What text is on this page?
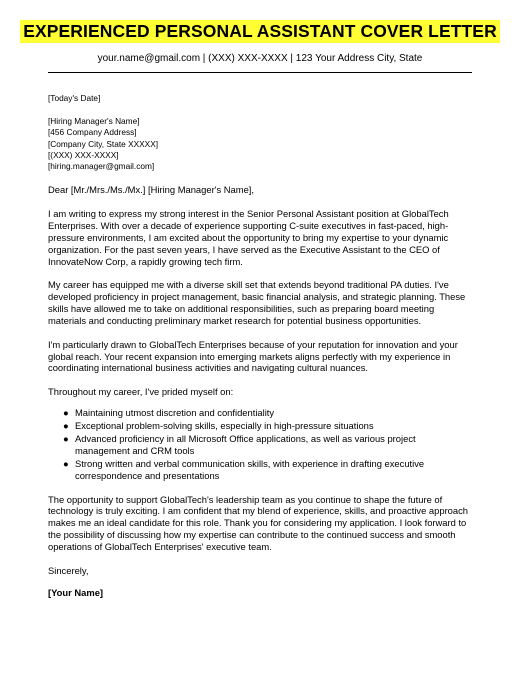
EXPERIENCED PERSONAL ASSISTANT COVER LETTER
your.name@gmail.com | (XXX) XXX-XXXX | 123 Your Address City, State

[Today's Date]

[Hiring Manager's Name]

[456 Company Address]

[Company City, State XXXXX]

[(XXX) XXX-XXXX]

[hiring.manager@gmail.com]

Dear [Mr./Mrs./Ms./Mx.] [Hiring Manager's Name],

I am writing to express my strong interest in the Senior Personal Assistant position at GlobalTech Enterprises. With over a decade of experience supporting C-suite executives in fast-paced, high-pressure environments, I am excited about the opportunity to bring my expertise to your dynamic organization. For the past seven years, I have served as the Executive Assistant to the CEO of InnovateNow Corp, a rapidly growing tech firm.

My career has equipped me with a diverse skill set that extends beyond traditional PA duties. I've developed proficiency in project management, basic financial analysis, and strategic planning. These skills have allowed me to take on additional responsibilities, such as preparing board meeting materials and conducting preliminary market research for potential business opportunities.

I'm particularly drawn to GlobalTech Enterprises because of your reputation for innovation and your global reach. Your recent expansion into emerging markets aligns perfectly with my experience in coordinating international business activities and navigating cultural nuances.

Throughout my career, I've prided myself on:

● Maintaining utmost discretion and confidentiality
● Exceptional problem-solving skills, especially in high-pressure situations
● Advanced proficiency in all Microsoft Office applications, as well as various project management and CRM tools
● Strong written and verbal communication skills, with experience in drafting executive correspondence and presentations

The opportunity to support GlobalTech's leadership team as you continue to shape the future of technology is truly exciting. I am confident that my blend of experience, skills, and proactive approach makes me an ideal candidate for this role. Thank you for considering my application. I look forward to the possibility of discussing how my expertise can contribute to the continued success and smooth operations of GlobalTech Enterprises' executive team.

Sincerely,

[Your Name]
